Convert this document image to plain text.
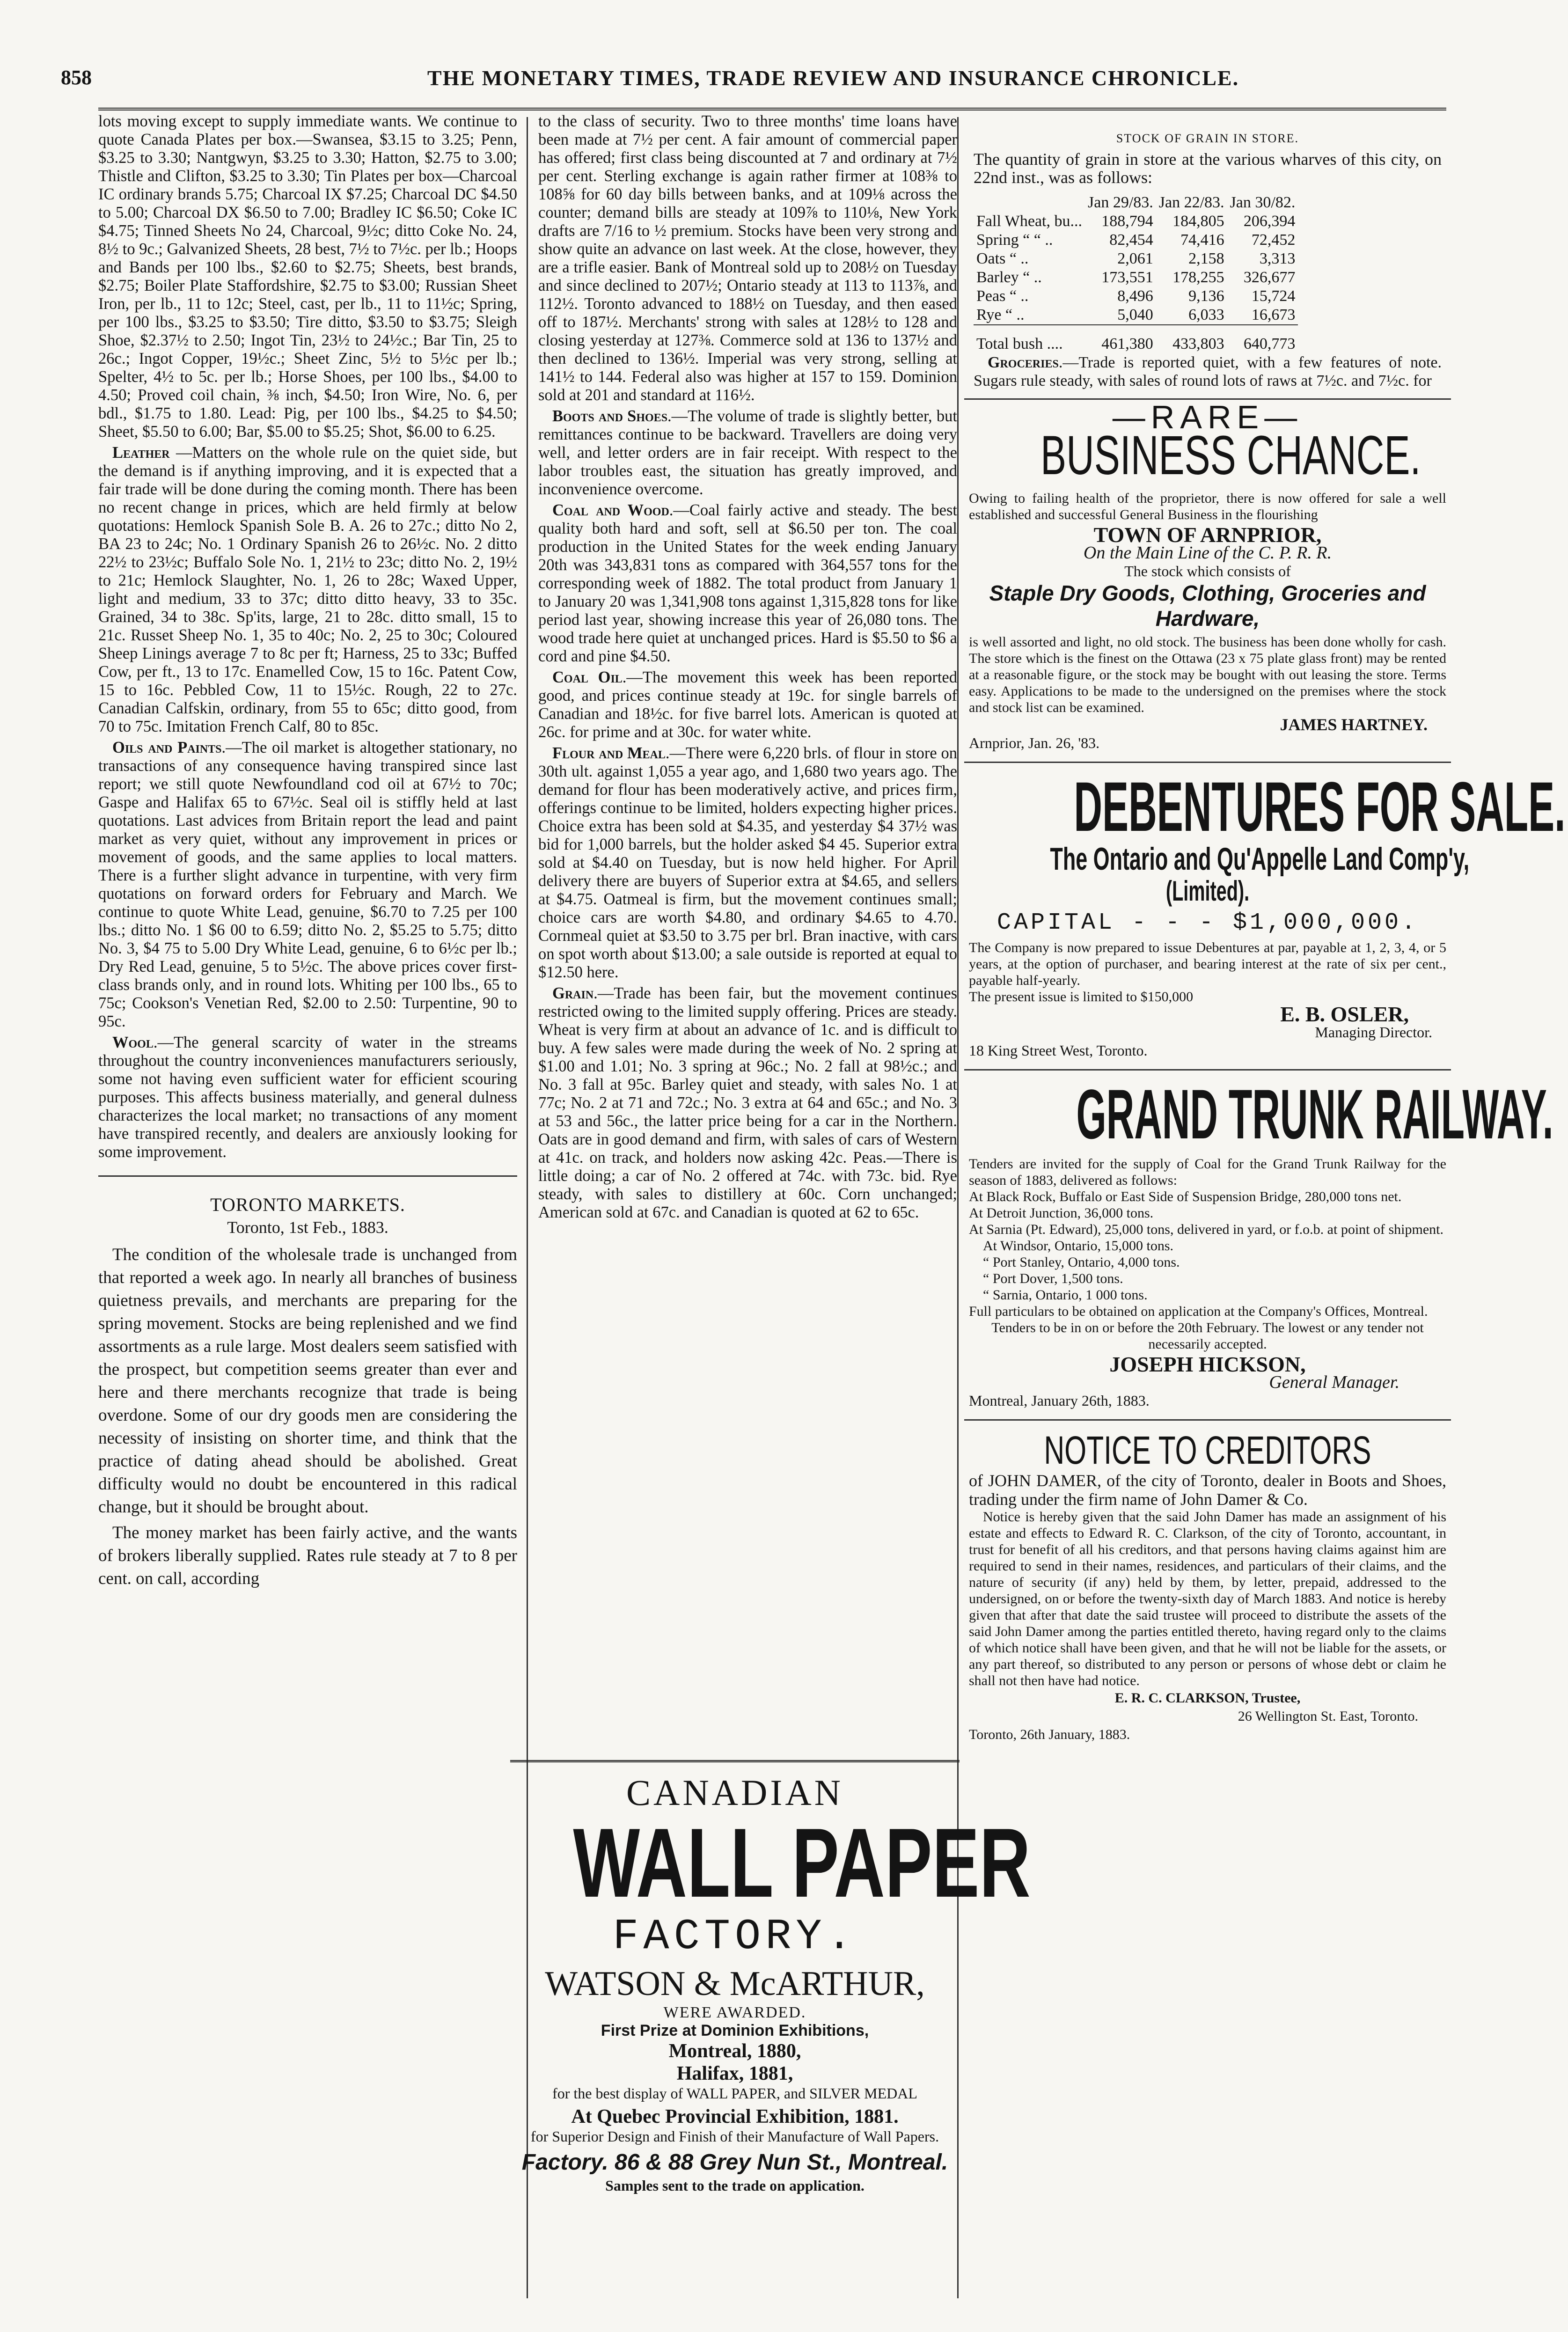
858	THE MONETARY TIMES, TRADE REVIEW AND INSURANCE CHRONICLE.

lots moving except to supply immediate wants. We continue to quote Canada Plates per box.—Swansea, $3.15 to 3.25; Penn, $3.25 to 3.30; Nantgwyn, $3.25 to 3.30; Hatton, $2.75 to 3.00; Thistle and Clifton, $3.25 to 3.30; Tin Plates per box—Charcoal IC ordinary brands 5.75; Charcoal IX $7.25; Charcoal DC $4.50 to 5.00; Charcoal DX $6.50 to 7.00; Bradley IC $6.50; Coke IC $4.75; Tinned Sheets No 24, Charcoal, 9½c; ditto Coke No. 24, 8½ to 9c.; Galvanized Sheets, 28 best, 7½ to 7½c. per lb.; Hoops and Bands per 100 lbs., $2.60 to $2.75; Sheets, best brands, $2.75; Boiler Plate Staffordshire, $2.75 to $3.00; Russian Sheet Iron, per lb., 11 to 12c; Steel, cast, per lb., 11 to 11½c; Spring, per 100 lbs., $3.25 to $3.50; Tire ditto, $3.50 to $3.75; Sleigh Shoe, $2.37½ to 2.50; Ingot Tin, 23½ to 24½c.; Bar Tin, 25 to 26c.; Ingot Copper, 19½c.; Sheet Zinc, 5½ to 5½c per lb.; Spelter, 4½ to 5c. per lb.; Horse Shoes, per 100 lbs., $4.00 to 4.50; Proved coil chain, ⅜ inch, $4.50; Iron Wire, No. 6, per bdl., $1.75 to 1.80. Lead: Pig, per 100 lbs., $4.25 to $4.50; Sheet, $5.50 to 6.00; Bar, $5.00 to $5.25; Shot, $6.00 to 6.25.

Leather —Matters on the whole rule on the quiet side, but the demand is if anything improving, and it is expected that a fair trade will be done during the coming month. There has been no recent change in prices, which are held firmly at below quotations: Hemlock Spanish Sole B. A. 26 to 27c.; ditto No 2, BA 23 to 24c; No. 1 Ordinary Spanish 26 to 26½c. No. 2 ditto 22½ to 23½c; Buffalo Sole No. 1, 21½ to 23c; ditto No. 2, 19½ to 21c; Hemlock Slaughter, No. 1, 26 to 28c; Waxed Upper, light and medium, 33 to 37c; ditto ditto heavy, 33 to 35c. Grained, 34 to 38c. Sp'its, large, 21 to 28c. ditto small, 15 to 21c. Russet Sheep No. 1, 35 to 40c; No. 2, 25 to 30c; Coloured Sheep Linings average 7 to 8c per ft; Harness, 25 to 33c; Buffed Cow, per ft., 13 to 17c. Enamelled Cow, 15 to 16c. Patent Cow, 15 to 16c. Pebbled Cow, 11 to 15½c. Rough, 22 to 27c. Canadian Calfskin, ordinary, from 55 to 65c; ditto good, from 70 to 75c. Imitation French Calf, 80 to 85c.

Oils and Paints.—The oil market is altogether stationary, no transactions of any consequence having transpired since last report; we still quote Newfoundland cod oil at 67½ to 70c; Gaspe and Halifax 65 to 67½c. Seal oil is stiffly held at last quotations. Last advices from Britain report the lead and paint market as very quiet, without any improvement in prices or movement of goods, and the same applies to local matters. There is a further slight advance in turpentine, with very firm quotations on forward orders for February and March. We continue to quote White Lead, genuine, $6.70 to 7.25 per 100 lbs.; ditto No. 1 $6 00 to 6.59; ditto No. 2, $5.25 to 5.75; ditto No. 3, $4 75 to 5.00 Dry White Lead, genuine, 6 to 6½c per lb.; Dry Red Lead, genuine, 5 to 5½c. The above prices cover first-class brands only, and in round lots. Whiting per 100 lbs., 65 to 75c; Cookson's Venetian Red, $2.00 to 2.50: Turpentine, 90 to 95c.

Wool.—The general scarcity of water in the streams throughout the country inconveniences manufacturers seriously, some not having even sufficient water for efficient scouring purposes. This affects business materially, and general dulness characterizes the local market; no transactions of any moment have transpired recently, and dealers are anxiously looking for some improvement.

TORONTO MARKETS.
Toronto, 1st Feb., 1883.

The condition of the wholesale trade is unchanged from that reported a week ago. In nearly all branches of business quietness prevails, and merchants are preparing for the spring movement. Stocks are being replenished and we find assortments as a rule large. Most dealers seem satisfied with the prospect, but competition seems greater than ever and here and there merchants recognize that trade is being overdone. Some of our dry goods men are considering the necessity of insisting on shorter time, and think that the practice of dating ahead should be abolished. Great difficulty would no doubt be encountered in this radical change, but it should be brought about.

The money market has been fairly active, and the wants of brokers liberally supplied. Rates rule steady at 7 to 8 per cent. on call, according

to the class of security. Two to three months' time loans have been made at 7½ per cent. A fair amount of commercial paper has offered; first class being discounted at 7 and ordinary at 7½ per cent. Sterling exchange is again rather firmer at 108⅜ to 108⅝ for 60 day bills between banks, and at 109⅛ across the counter; demand bills are steady at 109⅞ to 110⅛, New York drafts are 7/16 to ½ premium. Stocks have been very strong and show quite an advance on last week. At the close, however, they are a trifle easier. Bank of Montreal sold up to 208½ on Tuesday and since declined to 207½; Ontario steady at 113 to 113⅞, and 112½. Toronto advanced to 188½ on Tuesday, and then eased off to 187½. Merchants' strong with sales at 128½ to 128 and closing yesterday at 127⅜. Commerce sold at 136 to 137½ and then declined to 136½. Imperial was very strong, selling at 141½ to 144. Federal also was higher at 157 to 159. Dominion sold at 201 and standard at 116½.

Boots and Shoes.—The volume of trade is slightly better, but remittances continue to be backward. Travellers are doing very well, and letter orders are in fair receipt. With respect to the labor troubles east, the situation has greatly improved, and inconvenience overcome.

Coal and Wood.—Coal fairly active and steady. The best quality both hard and soft, sell at $6.50 per ton. The coal production in the United States for the week ending January 20th was 343,831 tons as compared with 364,557 tons for the corresponding week of 1882. The total product from January 1 to January 20 was 1,341,908 tons against 1,315,828 tons for like period last year, showing increase this year of 26,080 tons. The wood trade here quiet at unchanged prices. Hard is $5.50 to $6 a cord and pine $4.50.

Coal Oil.—The movement this week has been reported good, and prices continue steady at 19c. for single barrels of Canadian and 18½c. for five barrel lots. American is quoted at 26c. for prime and at 30c. for water white.

Flour and Meal.—There were 6,220 brls. of flour in store on 30th ult. against 1,055 a year ago, and 1,680 two years ago. The demand for flour has been moderatively active, and prices firm, offerings continue to be limited, holders expecting higher prices. Choice extra has been sold at $4.35, and yesterday $4 37½ was bid for 1,000 barrels, but the holder asked $4 45. Superior extra sold at $4.40 on Tuesday, but is now held higher. For April delivery there are buyers of Superior extra at $4.65, and sellers at $4.75. Oatmeal is firm, but the movement continues small; choice cars are worth $4.80, and ordinary $4.65 to 4.70. Cornmeal quiet at $3.50 to 3.75 per brl. Bran inactive, with cars on spot worth about $13.00; a sale outside is reported at equal to $12.50 here.

Grain.—Trade has been fair, but the movement continues restricted owing to the limited supply offering. Prices are steady. Wheat is very firm at about an advance of 1c. and is difficult to buy. A few sales were made during the week of No. 2 spring at $1.00 and 1.01; No. 3 spring at 96c.; No. 2 fall at 98½c.; and No. 3 fall at 95c. Barley quiet and steady, with sales No. 1 at 77c; No. 2 at 71 and 72c.; No. 3 extra at 64 and 65c.; and No. 3 at 53 and 56c., the latter price being for a car in the Northern. Oats are in good demand and firm, with sales of cars of Western at 41c. on track, and holders now asking 42c. Peas.—There is little doing; a car of No. 2 offered at 74c. with 73c. bid. Rye steady, with sales to distillery at 60c. Corn unchanged; American sold at 67c. and Canadian is quoted at 62 to 65c.

CANADIAN
WALL PAPER
FACTORY.
WATSON & McARTHUR,
WERE AWARDED.
First Prize at Dominion Exhibitions,
Montreal, 1880,
Halifax, 1881,
for the best display of WALL PAPER, and SILVER MEDAL
At Quebec Provincial Exhibition, 1881.
for Superior Design and Finish of their Manufacture of Wall Papers.
Factory. 86 & 88 Grey Nun St., Montreal.
Samples sent to the trade on application.
STOCK OF GRAIN IN STORE.

The quantity of grain in store at the various wharves of this city, on 22nd inst., was as follows:

	Jan 29/83.	Jan 22/83.	Jan 30/82.
Fall Wheat, bu...	188,794	184,805	206,394
Spring “ “ ..	82,454	74,416	72,452
Oats “ ..	2,061	2,158	3,313
Barley “ ..	173,551	178,255	326,677
Peas “ ..	8,496	9,136	15,724
Rye “ ..	5,040	6,033	16,673
Total bush ....	461,380	433,803	640,773

Groceries.—Trade is reported quiet, with a few features of note. Sugars rule steady, with sales of round lots of raws at 7½c. and 7½c. for

—RARE—
BUSINESS CHANCE.
Owing to failing health of the proprietor, there is now offered for sale a well established and successful General Business in the flourishing
TOWN OF ARNPRIOR,
On the Main Line of the C. P. R. R.
The stock which consists of
Staple Dry Goods, Clothing, Groceries and Hardware,
is well assorted and light, no old stock. The business has been done wholly for cash. The store which is the finest on the Ottawa (23 x 75 plate glass front) may be rented at a reasonable figure, or the stock may be bought with out leasing the store. Terms easy. Applications to be made to the undersigned on the premises where the stock and stock list can be examined.
JAMES HARTNEY.
Arnprior, Jan. 26, '83.
DEBENTURES FOR SALE.
The Ontario and Qu'Appelle Land Comp'y,
(Limited).
CAPITAL - - - $1,000,000.
The Company is now prepared to issue Debentures at par, payable at 1, 2, 3, 4, or 5 years, at the option of purchaser, and bearing interest at the rate of six per cent., payable half-yearly.
The present issue is limited to $150,000
E. B. OSLER,
Managing Director.
18 King Street West, Toronto.
GRAND TRUNK RAILWAY.
Tenders are invited for the supply of Coal for the Grand Trunk Railway for the season of 1883, delivered as follows:
At Black Rock, Buffalo or East Side of Suspension Bridge, 280,000 tons net.
At Detroit Junction, 36,000 tons.
At Sarnia (Pt. Edward), 25,000 tons, delivered in yard, or f.o.b. at point of shipment.
At Windsor, Ontario, 15,000 tons.
“ Port Stanley, Ontario, 4,000 tons.
“ Port Dover, 1,500 tons.
“ Sarnia, Ontario, 1 000 tons.
Full particulars to be obtained on application at the Company's Offices, Montreal.
Tenders to be in on or before the 20th February. The lowest or any tender not necessarily accepted.
JOSEPH HICKSON,
General Manager.
Montreal, January 26th, 1883.
NOTICE TO CREDITORS
of JOHN DAMER, of the city of Toronto, dealer in Boots and Shoes, trading under the firm name of John Damer & Co.
Notice is hereby given that the said John Damer has made an assignment of his estate and effects to Edward R. C. Clarkson, of the city of Toronto, accountant, in trust for benefit of all his creditors, and that persons having claims against him are required to send in their names, residences, and particulars of their claims, and the nature of security (if any) held by them, by letter, prepaid, addressed to the undersigned, on or before the twenty-sixth day of March 1883. And notice is hereby given that after that date the said trustee will proceed to distribute the assets of the said John Damer among the parties entitled thereto, having regard only to the claims of which notice shall have been given, and that he will not be liable for the assets, or any part thereof, so distributed to any person or persons of whose debt or claim he shall not then have had notice.
E. R. C. CLARKSON, Trustee,
26 Wellington St. East, Toronto.
Toronto, 26th January, 1883.
